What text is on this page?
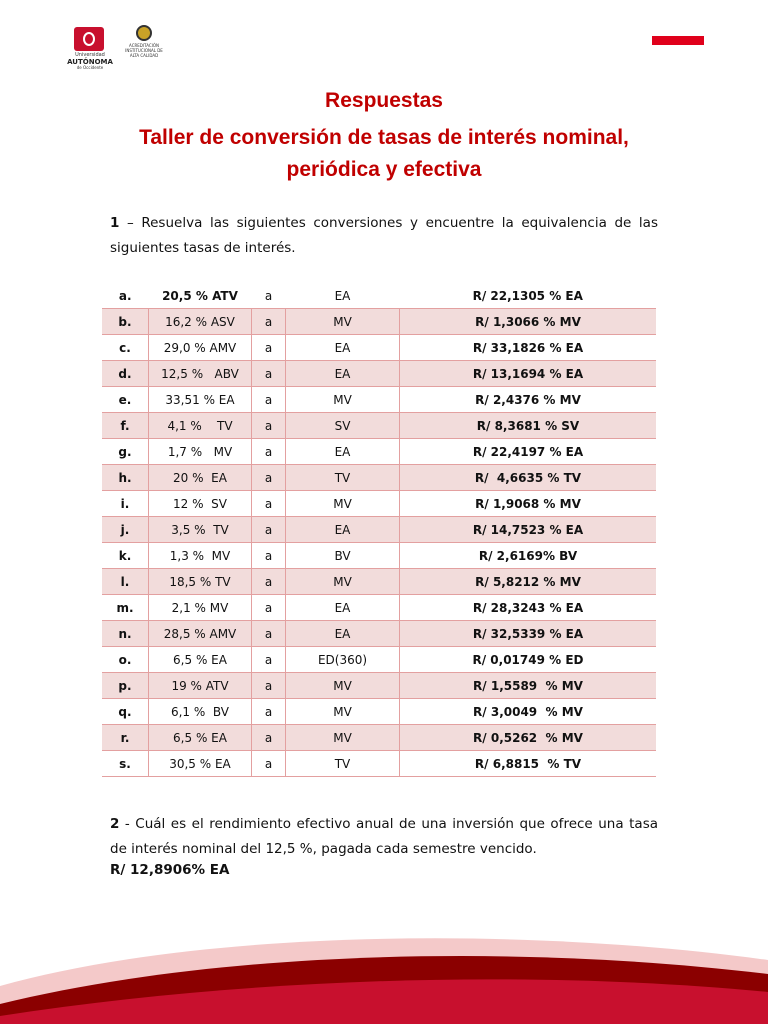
Universidad
AUTÓNOMA
de Occidente
ACREDITACIÓN INSTITUCIONAL DE ALTA CALIDAD
Respuestas
Taller de conversión de tasas de interés nominal,
periódica y efectiva
1 – Resuelva las siguientes conversiones y encuentre la equivalencia de las siguientes tasas de interés.
a.	20,5 % ATV	a	EA	R/ 22,1305 % EA
b.	16,2 % ASV	a	MV	R/ 1,3066 % MV
c.	29,0 % AMV	a	EA	R/ 33,1826 % EA
d.	12,5 %   ABV	a	EA	R/ 13,1694 % EA
e.	33,51 % EA	a	MV	R/ 2,4376 % MV
f.	4,1 %    TV	a	SV	R/ 8,3681 % SV
g.	1,7 %   MV	a	EA	R/ 22,4197 % EA
h.	20 %  EA	a	TV	R/  4,6635 % TV
i.	12 %  SV	a	MV	R/ 1,9068 % MV
j.	3,5 %  TV	a	EA	R/ 14,7523 % EA
k.	1,3 %  MV	a	BV	R/ 2,6169% BV
l.	18,5 % TV	a	MV	R/ 5,8212 % MV
m.	2,1 % MV	a	EA	R/ 28,3243 % EA
n.	28,5 % AMV	a	EA	R/ 32,5339 % EA
o.	6,5 % EA	a	ED(360)	R/ 0,01749 % ED
p.	19 % ATV	a	MV	R/ 1,5589  % MV
q.	6,1 %  BV	a	MV	R/ 3,0049  % MV
r.	6,5 % EA	a	MV	R/ 0,5262  % MV
s.	30,5 % EA	a	TV	R/ 6,8815  % TV
2 - Cuál es el rendimiento efectivo anual de una inversión que ofrece una tasa de interés nominal del 12,5 %, pagada cada semestre vencido.
R/ 12,8906% EA
